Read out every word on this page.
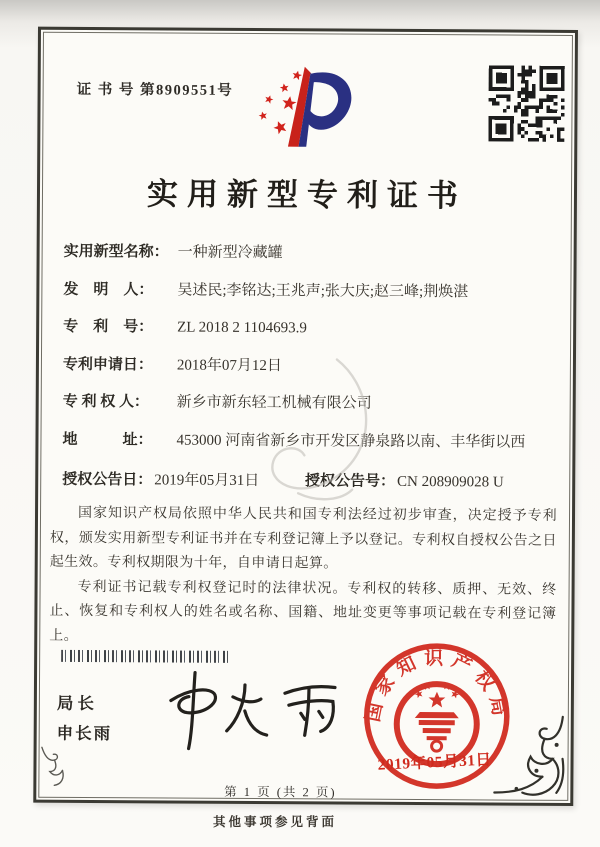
证 书 号 第8909551号
实用新型专利证书
实用新型名称： 一种新型冷藏罐
发　明　人： 吴述民;李铭达;王兆声;张大庆;赵三峰;荆焕湛
专　利　号： ZL 2018 2 1104693.9
专利申请日： 2018年07月12日
专 利 权 人： 新乡市新东轻工机械有限公司
地　　　址： 453000 河南省新乡市开发区静泉路以南、丰华街以西
授权公告日： 2019年05月31日	授权公告号： CN 208909028 U

国家知识产权局依照中华人民共和国专利法经过初步审查，决定授予专利权，颁发实用新型专利证书并在专利登记簿上予以登记。专利权自授权公告之日起生效。专利权期限为十年，自申请日起算。

专利证书记载专利权登记时的法律状况。专利权的转移、质押、无效、终止、恢复和专利权人的姓名或名称、国籍、地址变更等事项记载在专利登记簿上。

局长
申长雨
国家知识产权局
2019年05月31日
第 1 页 (共 2 页)
其他事项参见背面
